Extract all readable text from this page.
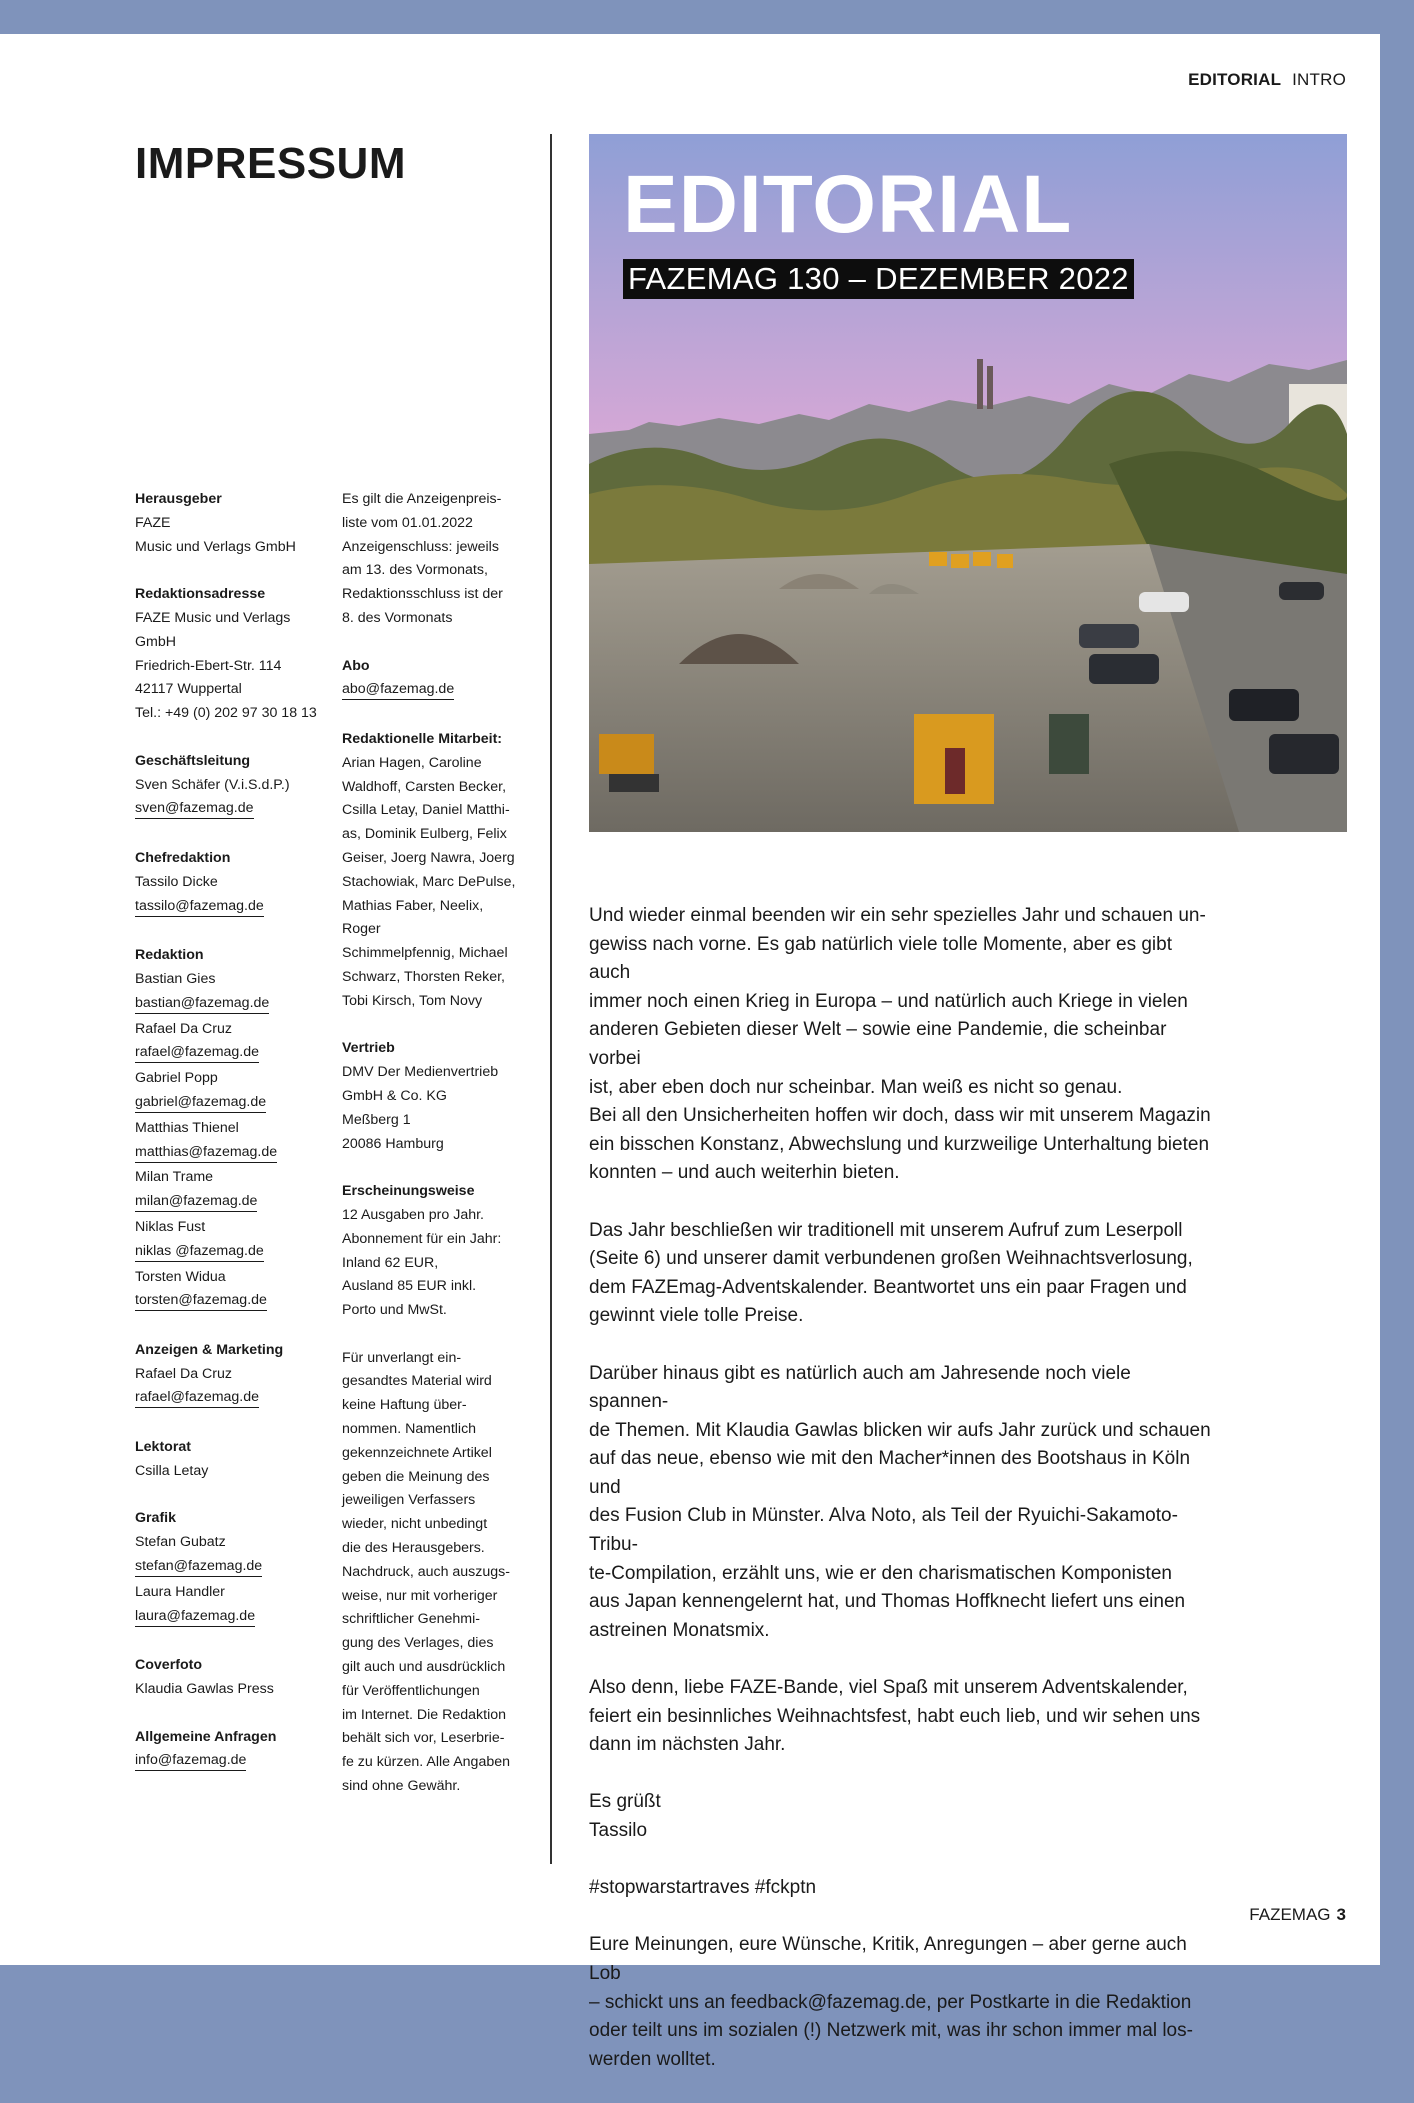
EDITORIAL INTRO
IMPRESSUM
Herausgeber
FAZE
Music und Verlags GmbH
Redaktionsadresse
FAZE Music und Verlags
GmbH
Friedrich-Ebert-Str. 114
42117 Wuppertal
Tel.: +49 (0) 202 97 30 18 13
Geschäftsleitung
Sven Schäfer (V.i.S.d.P.)
sven@fazemag.de
Chefredaktion
Tassilo Dicke
tassilo@fazemag.de
Redaktion
Bastian Gies
bastian@fazemag.de

Rafael Da Cruz
rafael@fazemag.de

Gabriel Popp
gabriel@fazemag.de

Matthias Thienel
matthias@fazemag.de

Milan Trame
milan@fazemag.de

Niklas Fust
niklas @fazemag.de

Torsten Widua
torsten@fazemag.de

Anzeigen & Marketing
Rafael Da Cruz
rafael@fazemag.de
Lektorat
Csilla Letay
Grafik
Stefan Gubatz
stefan@fazemag.de

Laura Handler
laura@fazemag.de

Coverfoto
Klaudia Gawlas Press
Allgemeine Anfragen
info@fazemag.de
Es gilt die Anzeigenpreis-
liste vom 01.01.2022
Anzeigenschluss: jeweils
am 13. des Vormonats,
Redaktionsschluss ist der
8. des Vormonats
Abo
abo@fazemag.de
Redaktionelle Mitarbeit:
Arian Hagen, Caroline
Waldhoff, Carsten Becker,
Csilla Letay, Daniel Matthi-
as, Dominik Eulberg, Felix
Geiser, Joerg Nawra, Joerg
Stachowiak, Marc DePulse,
Mathias Faber, Neelix, Roger
Schimmelpfennig, Michael
Schwarz, Thorsten Reker,
Tobi Kirsch, Tom Novy
Vertrieb
DMV Der Medienvertrieb
GmbH & Co. KG
Meßberg 1
20086 Hamburg
Erscheinungsweise
12 Ausgaben pro Jahr.
Abonnement für ein Jahr:
Inland 62 EUR,
Ausland 85 EUR inkl.
Porto und MwSt.
Für unverlangt ein-
gesandtes Material wird
keine Haftung über-
nommen. Namentlich
gekennzeichnete Artikel
geben die Meinung des
jeweiligen Verfassers
wieder, nicht unbedingt
die des Herausgebers.
Nachdruck, auch auszugs-
weise, nur mit vorheriger
schriftlicher Genehmi-
gung des Verlages, dies
gilt auch und ausdrücklich
für Veröffentlichungen
im Internet. Die Redaktion
behält sich vor, Leserbrie-
fe zu kürzen. Alle Angaben
sind ohne Gewähr.
EDITORIAL
FAZEMAG 130 – DEZEMBER 2022

Und wieder einmal beenden wir ein sehr spezielles Jahr und schauen un-
gewiss nach vorne. Es gab natürlich viele tolle Momente, aber es gibt auch
immer noch einen Krieg in Europa – und natürlich auch Kriege in vielen
anderen Gebieten dieser Welt – sowie eine Pandemie, die scheinbar vorbei
ist, aber eben doch nur scheinbar. Man weiß es nicht so genau.
Bei all den Unsicherheiten hoffen wir doch, dass wir mit unserem Magazin
ein bisschen Konstanz, Abwechslung und kurzweilige Unterhaltung bieten
konnten – und auch weiterhin bieten.

Das Jahr beschließen wir traditionell mit unserem Aufruf zum Leserpoll
(Seite 6) und unserer damit verbundenen großen Weihnachtsverlosung,
dem FAZEmag-Adventskalender. Beantwortet uns ein paar Fragen und
gewinnt viele tolle Preise.

Darüber hinaus gibt es natürlich auch am Jahresende noch viele spannen-
de Themen. Mit Klaudia Gawlas blicken wir aufs Jahr zurück und schauen
auf das neue, ebenso wie mit den Macher*innen des Bootshaus in Köln und
des Fusion Club in Münster. Alva Noto, als Teil der Ryuichi-Sakamoto-Tribu-
te-Compilation, erzählt uns, wie er den charismatischen Komponisten
aus Japan kennengelernt hat, und Thomas Hoffknecht liefert uns einen
astreinen Monatsmix.

Also denn, liebe FAZE-Bande, viel Spaß mit unserem Adventskalender,
feiert ein besinnliches Weihnachtsfest, habt euch lieb, und wir sehen uns
dann im nächsten Jahr.

Es grüßt
Tassilo

#stopwarstartraves #fckptn

Eure Meinungen, eure Wünsche, Kritik, Anregungen – aber gerne auch Lob
– schickt uns an feedback@fazemag.de, per Postkarte in die Redaktion
oder teilt uns im sozialen (!) Netzwerk mit, was ihr schon immer mal los-
werden wolltet.

FAZEMAG 3
